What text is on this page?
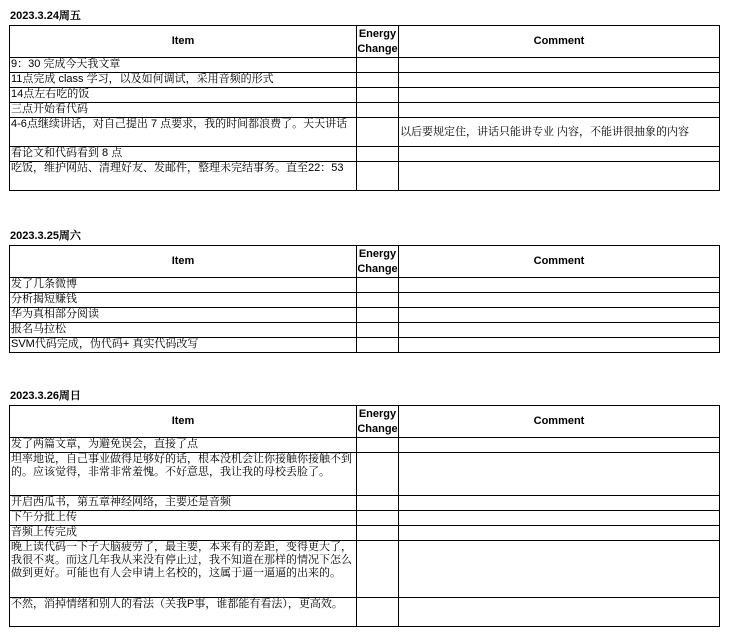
2023.3.24周五
Item	Energy Change	Comment
9：30 完成今天我文章		
11点完成 class 学习，以及如何调试，采用音频的形式		
14点左右吃的饭		
三点开始看代码		
4-6点继续讲话，对自己提出 7 点要求，我的时间都浪费了。天天讲话		以后要规定住，讲话只能讲专业 内容，不能讲很抽象的内容
看论文和代码看到 8 点		
吃饭，维护网站、清理好友、发邮件，整理未完结事务。直至22：53		
2023.3.25周六
Item	Energy Change	Comment
发了几条微博		
分析揭短赚钱		
华为真相部分阅读		
报名马拉松		
SVM代码完成，伪代码+ 真实代码改写		
2023.3.26周日
Item	Energy Change	Comment
发了两篇文章，为避免误会，直接了点		
坦率地说，自己事业做得足够好的话，根本没机会让你接触你接触不到的。应该觉得，非常非常羞愧。不好意思，我让我的母校丢脸了。		
开启西瓜书，第五章神经网络，主要还是音频		
下午分批上传		
音频上传完成		
晚上读代码一下子大脑疲劳了，最主要，本来有的差距，变得更大了，我很不爽。而这几年我从来没有停止过，我不知道在那样的情况下怎么做到更好。可能也有人会申请上名校的，这属于逼一逼逼的出来的。		
不然，消掉情绪和别人的看法（关我P事，谁都能有看法），更高效。		
